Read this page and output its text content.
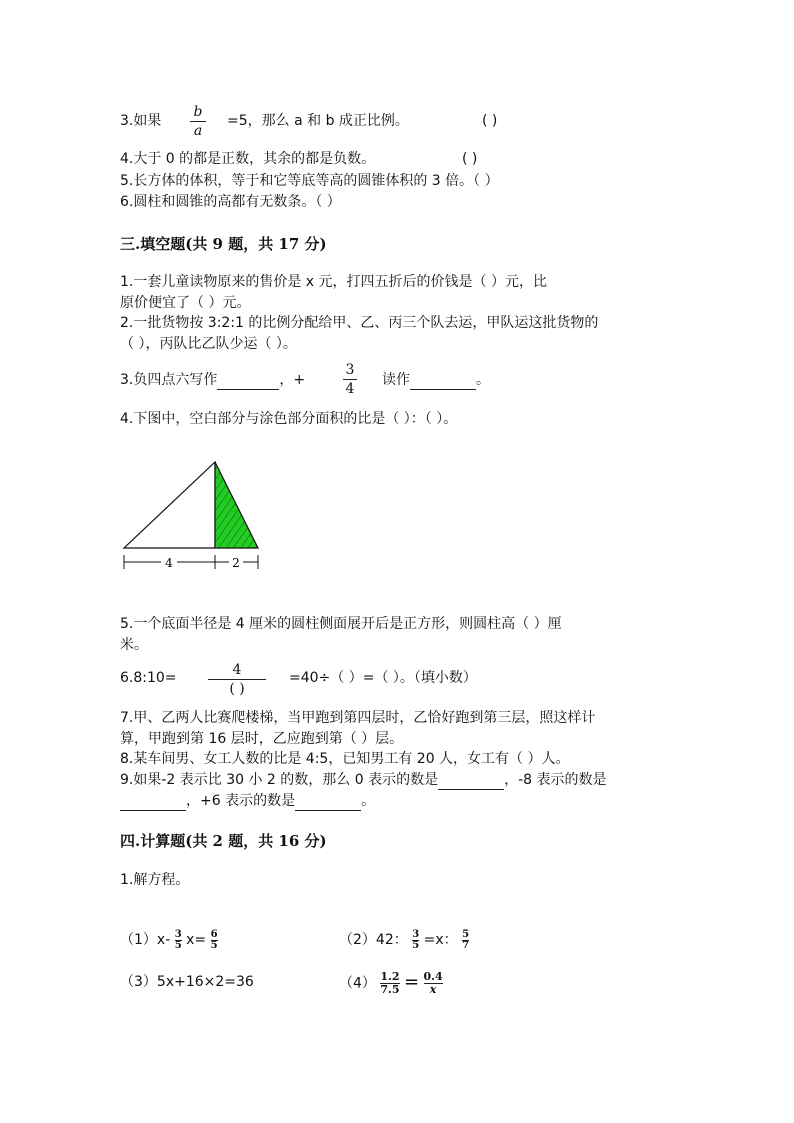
3.如果
b
a
=5，那么 a 和 b 成正比例。	( )
4.大于 0 的都是正数，其余的都是负数。	( )
5.长方体的体积，等于和它等底等高的圆锥体积的 3 倍。（ ）
6.圆柱和圆锥的高都有无数条。（ ）
三.填空题(共 9 题，共 17 分)
1.一套儿童读物原来的售价是 x 元，打四五折后的价钱是（ ）元，比
原价便宜了（ ）元。
2.一批货物按 3:2:1 的比例分配给甲、乙、丙三个队去运，甲队运这批货物的
（ ），丙队比乙队少运（ ）。
3.负四点六写作	，+
3
4
读作	。
4.下图中，空白部分与涂色部分面积的比是（ ）：（ ）。
4	2
5.一个底面半径是 4 厘米的圆柱侧面展开后是正方形，则圆柱高（ ）厘
米。
6.8:10=	4
( )
=40÷（ ）=（ ）。（填小数）
7.甲、乙两人比赛爬楼梯，当甲跑到第四层时，乙恰好跑到第三层，照这样计
算，甲跑到第 16 层时，乙应跑到第（ ）层。
8.某车间男、女工人数的比是 4:5，已知男工有 20 人，女工有（ ）人。
9.如果-2 表示比 30 小 2 的数，那么 0 表示的数是	，-8 表示的数是
，+6 表示的数是	。
四.计算题(共 2 题，共 16 分)
1.解方程。
$(1)x- \frac{3}{5} x= \frac{6}{5}$	（2）42： $\frac{3}{5} =x$： $\frac{5}{7}$
（3）5x+16×2=36	$(4) \frac{1.2}{7.5} = \frac{0.4}{x}$
